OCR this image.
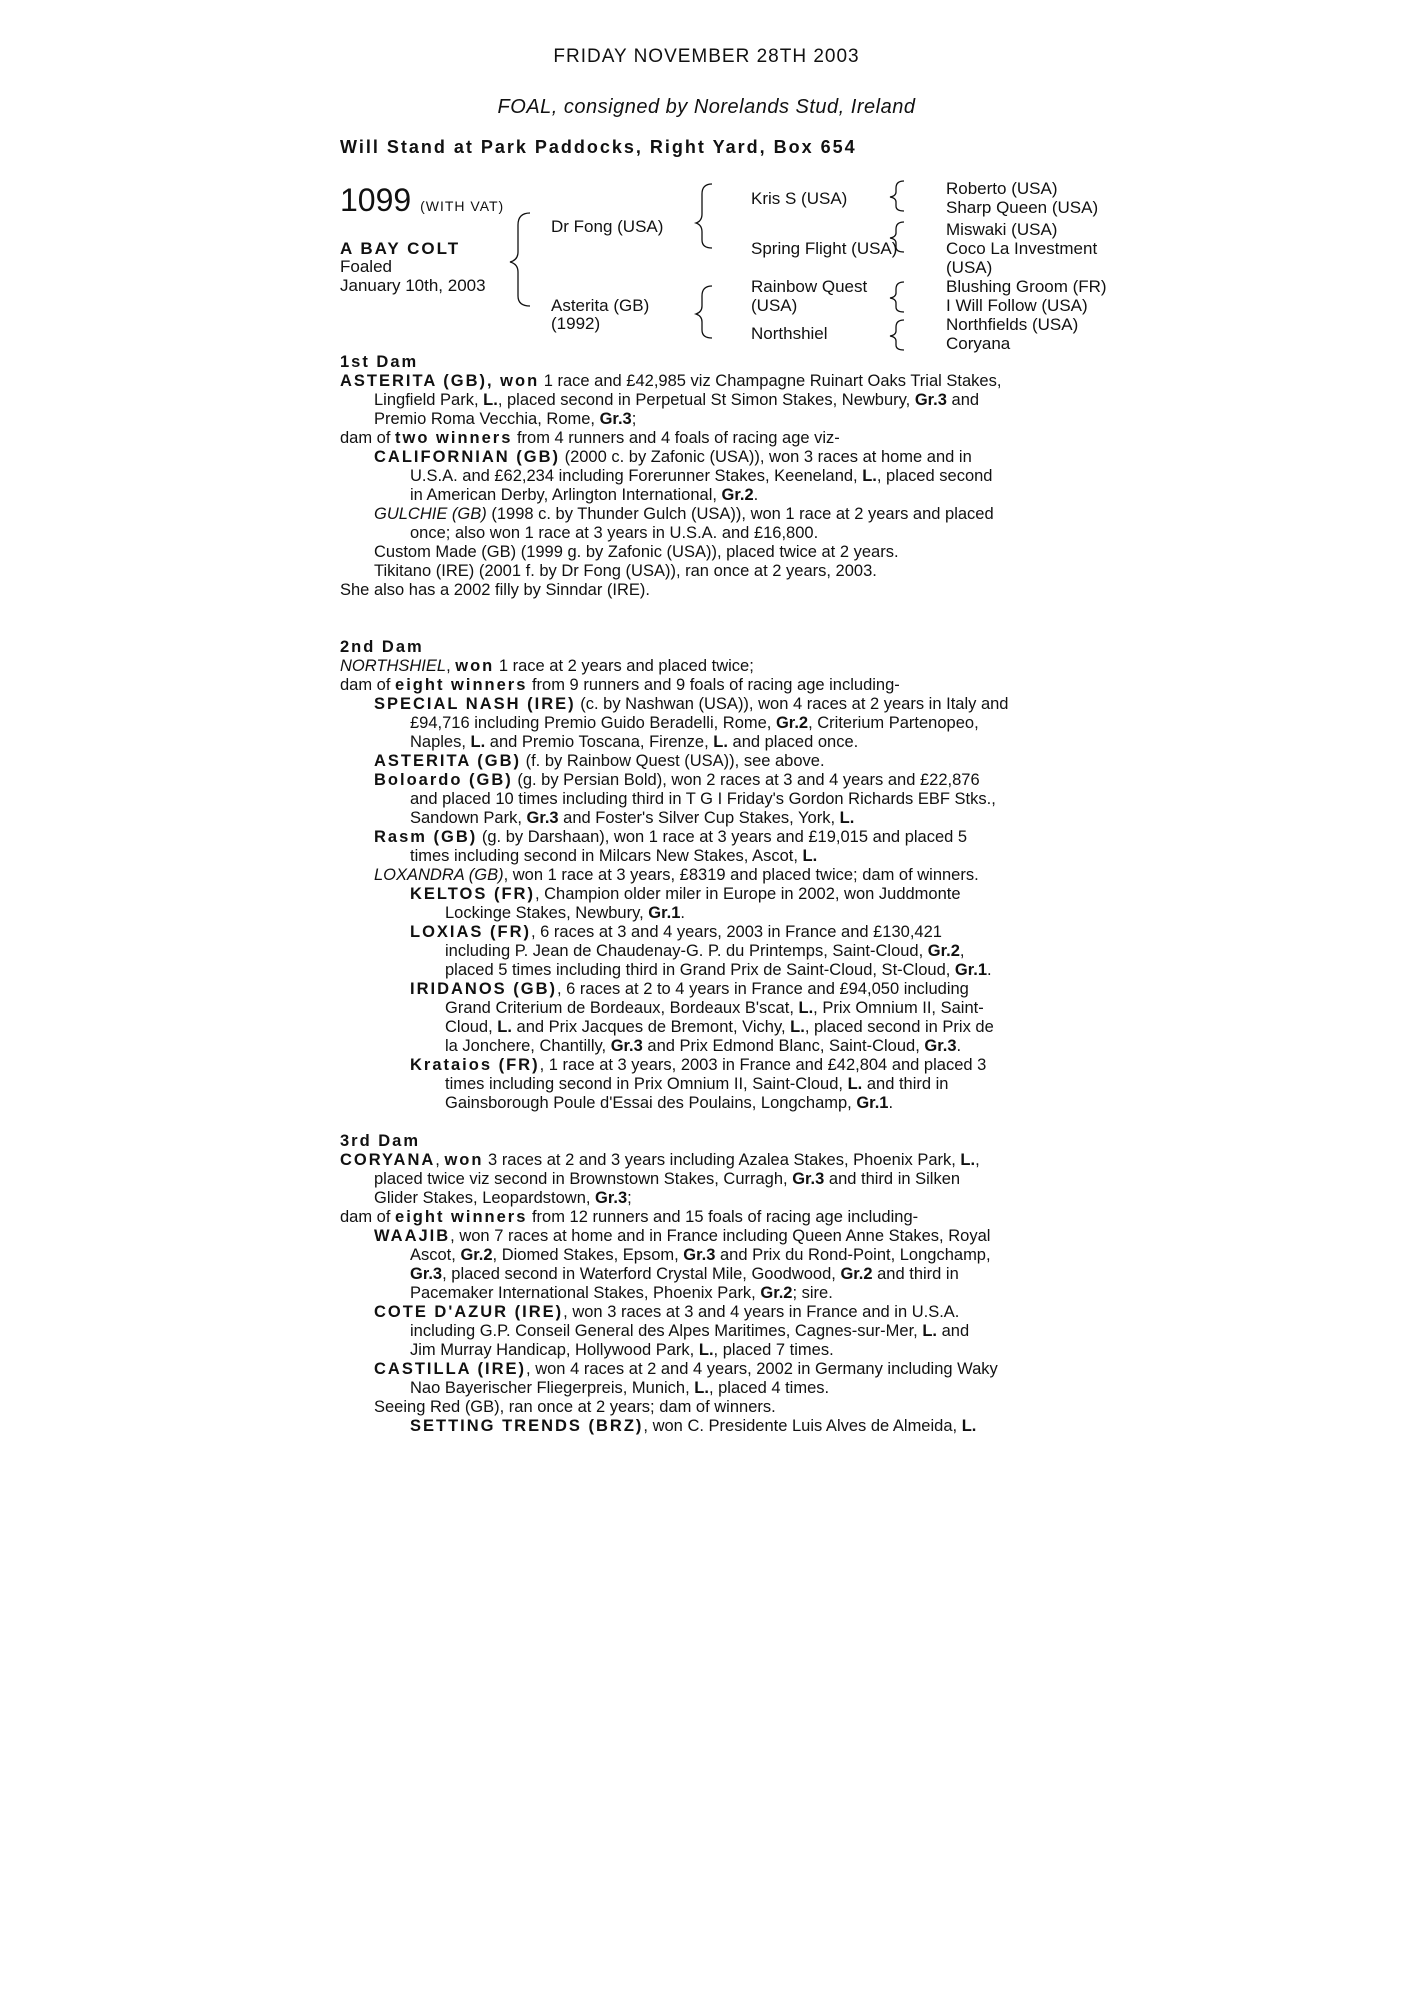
FRIDAY NOVEMBER 28TH 2003
FOAL, consigned by Norelands Stud, Ireland
Will Stand at Park Paddocks, Right Yard, Box 654
1099 (WITH VAT)
A BAY COLT
Foaled
January 10th, 2003
Dr Fong (USA)
Asterita (GB)
(1992)
Kris S (USA)
Spring Flight (USA)
Rainbow Quest
(USA)
Northshiel
Roberto (USA)
Sharp Queen (USA)
Miswaki (USA)
Coco La Investment
(USA)
Blushing Groom (FR)
I Will Follow (USA)
Northfields (USA)
Coryana
1st Dam
ASTERITA (GB), won 1 race and £42,985 viz Champagne Ruinart Oaks Trial Stakes,
Lingfield Park, L., placed second in Perpetual St Simon Stakes, Newbury, Gr.3 and
Premio Roma Vecchia, Rome, Gr.3;
dam of two winners from 4 runners and 4 foals of racing age viz-
CALIFORNIAN (GB) (2000 c. by Zafonic (USA)), won 3 races at home and in
U.S.A. and £62,234 including Forerunner Stakes, Keeneland, L., placed second
in American Derby, Arlington International, Gr.2.
GULCHIE (GB) (1998 c. by Thunder Gulch (USA)), won 1 race at 2 years and placed
once; also won 1 race at 3 years in U.S.A. and £16,800.
Custom Made (GB) (1999 g. by Zafonic (USA)), placed twice at 2 years.
Tikitano (IRE) (2001 f. by Dr Fong (USA)), ran once at 2 years, 2003.
She also has a 2002 filly by Sinndar (IRE).
2nd Dam
NORTHSHIEL, won 1 race at 2 years and placed twice;
dam of eight winners from 9 runners and 9 foals of racing age including-
SPECIAL NASH (IRE) (c. by Nashwan (USA)), won 4 races at 2 years in Italy and
£94,716 including Premio Guido Beradelli, Rome, Gr.2, Criterium Partenopeo,
Naples, L. and Premio Toscana, Firenze, L. and placed once.
ASTERITA (GB) (f. by Rainbow Quest (USA)), see above.
Boloardo (GB) (g. by Persian Bold), won 2 races at 3 and 4 years and £22,876
and placed 10 times including third in T G I Friday's Gordon Richards EBF Stks.,
Sandown Park, Gr.3 and Foster's Silver Cup Stakes, York, L.
Rasm (GB) (g. by Darshaan), won 1 race at 3 years and £19,015 and placed 5
times including second in Milcars New Stakes, Ascot, L.
LOXANDRA (GB), won 1 race at 3 years, £8319 and placed twice; dam of winners.
KELTOS (FR), Champion older miler in Europe in 2002, won Juddmonte
Lockinge Stakes, Newbury, Gr.1.
LOXIAS (FR), 6 races at 3 and 4 years, 2003 in France and £130,421
including P. Jean de Chaudenay-G. P. du Printemps, Saint-Cloud, Gr.2,
placed 5 times including third in Grand Prix de Saint-Cloud, St-Cloud, Gr.1.
IRIDANOS (GB), 6 races at 2 to 4 years in France and £94,050 including
Grand Criterium de Bordeaux, Bordeaux B'scat, L., Prix Omnium II, Saint-
Cloud, L. and Prix Jacques de Bremont, Vichy, L., placed second in Prix de
la Jonchere, Chantilly, Gr.3 and Prix Edmond Blanc, Saint-Cloud, Gr.3.
Krataios (FR), 1 race at 3 years, 2003 in France and £42,804 and placed 3
times including second in Prix Omnium II, Saint-Cloud, L. and third in
Gainsborough Poule d'Essai des Poulains, Longchamp, Gr.1.
3rd Dam
CORYANA, won 3 races at 2 and 3 years including Azalea Stakes, Phoenix Park, L.,
placed twice viz second in Brownstown Stakes, Curragh, Gr.3 and third in Silken
Glider Stakes, Leopardstown, Gr.3;
dam of eight winners from 12 runners and 15 foals of racing age including-
WAAJIB, won 7 races at home and in France including Queen Anne Stakes, Royal
Ascot, Gr.2, Diomed Stakes, Epsom, Gr.3 and Prix du Rond-Point, Longchamp,
Gr.3, placed second in Waterford Crystal Mile, Goodwood, Gr.2 and third in
Pacemaker International Stakes, Phoenix Park, Gr.2; sire.
COTE D'AZUR (IRE), won 3 races at 3 and 4 years in France and in U.S.A.
including G.P. Conseil General des Alpes Maritimes, Cagnes-sur-Mer, L. and
Jim Murray Handicap, Hollywood Park, L., placed 7 times.
CASTILLA (IRE), won 4 races at 2 and 4 years, 2002 in Germany including Waky
Nao Bayerischer Fliegerpreis, Munich, L., placed 4 times.
Seeing Red (GB), ran once at 2 years; dam of winners.
SETTING TRENDS (BRZ), won C. Presidente Luis Alves de Almeida, L.
